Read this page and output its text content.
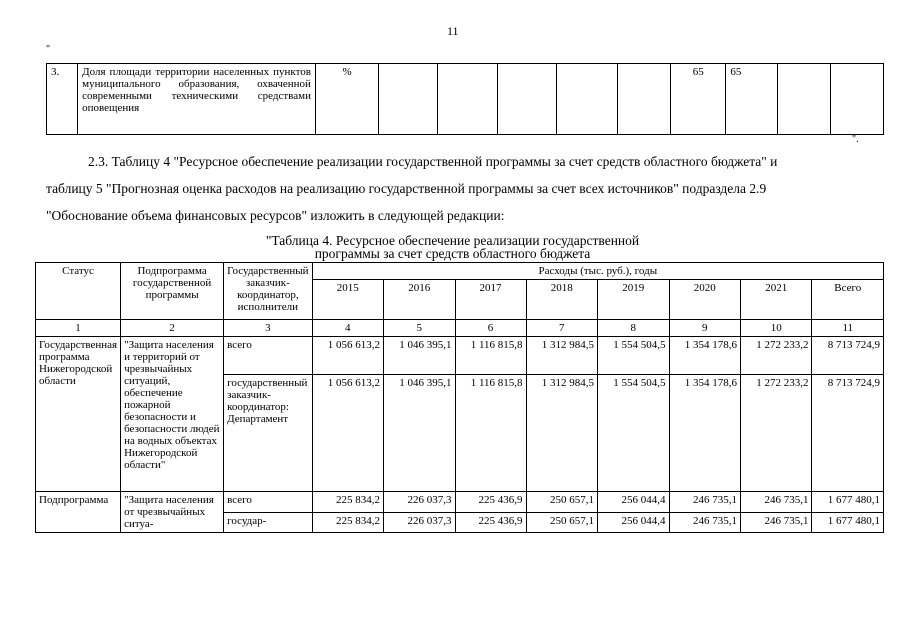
11
"
3.	Доля площади территории населенных пунктов муниципального образования, охваченной современными техническими средствами оповещения	%						65	65		
".
2.3. Таблицу 4 "Ресурсное обеспечение реализации государственной программы за счет средств областного бюджета" и
таблицу 5 "Прогнозная оценка расходов на реализацию государственной программы за счет всех источников" подраздела 2.9
"Обоснование объема финансовых ресурсов" изложить в следующей редакции:
"Таблица 4. Ресурсное обеспечение реализации государственной
программы за счет средств областного бюджета
Статус	Подпрограмма государственной программы	Государственный заказчик-координатор, исполнители	Расходы (тыс. руб.), годы							
			2015	2016	2017	2018	2019	2020	2021	Всего
1	2	3	4	5	6	7	8	9	10	11
Государственная программа Нижегородской области	"Защита населения и территорий от чрезвычайных ситуаций, обеспечение пожарной безопасности и безопасности людей на водных объектах Нижегородской области"	всего	1 056 613,2	1 046 395,1	1 116 815,8	1 312 984,5	1 554 504,5	1 354 178,6	1 272 233,2	8 713 724,9
		государственный заказчик-координатор: Департамент	1 056 613,2	1 046 395,1	1 116 815,8	1 312 984,5	1 554 504,5	1 354 178,6	1 272 233,2	8 713 724,9
Подпрограмма	"Защита населения от чрезвычайных ситуа-	всего	225 834,2	226 037,3	225 436,9	250 657,1	256 044,4	246 735,1	246 735,1	1 677 480,1
		государ-	225 834,2	226 037,3	225 436,9	250 657,1	256 044,4	246 735,1	246 735,1	1 677 480,1
